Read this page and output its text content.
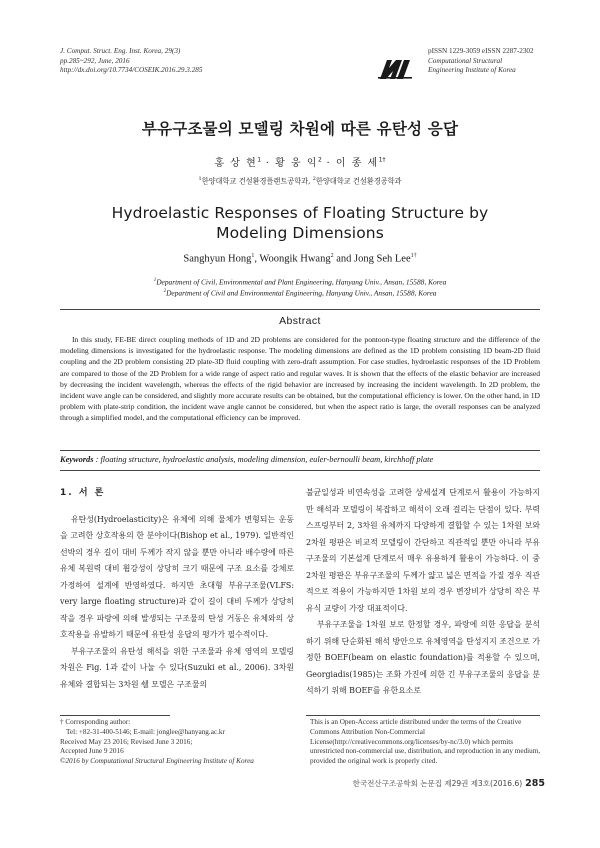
J. Comput. Struct. Eng. Inst. Korea, 29(3)
pp.285~292, June, 2016
http://dx.doi.org/10.7734/COSEIK.2016.29.3.285
pISSN 1229-3059 eISSN 2287-2302
Computational Structural
Engineering Institute of Korea
부유구조물의 모델링 차원에 따른 유탄성 응답
홍 상 현$^1$ · 황 웅 익$^2$ · 이 종 세$^{1\dagger}$
$^1$한양대학교 건설환경플랜트공학과, $^2$한양대학교 건설환경공학과
Hydroelastic Responses of Floating Structure by
Modeling Dimensions
Sanghyun Hong$^1$, Woongik Hwang$^2$ and Jong Seh Lee$^{1\dagger}$
$^1$Department of Civil, Environmental and Plant Engineering, Hanyang Univ., Ansan, 15588, Korea
$^2$Department of Civil and Environmental Engineering, Hanyang Univ., Ansan, 15588, Korea
Abstract
In this study, FE-BE direct coupling methods of 1D and 2D problems are considered for the pontoon-type floating structure and the difference of the modeling dimensions is investigated for the hydroelastic response. The modeling dimensions are defined as the 1D problem consisting 1D beam-2D fluid coupling and the 2D problem consisting 2D plate-3D fluid coupling with zero-draft assumption. For case studies, hydroelastic responses of the 1D Problem are compared to those of the 2D Problem for a wide range of aspect ratio and regular waves. It is shown that the effects of the elastic behavior are increased by decreasing the incident wavelength, whereas the effects of the rigid behavior are increased by increasing the incident wavelength. In 2D problem, the incident wave angle can be considered, and slightly more accurate results can be obtained, but the computational efficiency is lower. On the other hand, in 1D problem with plate-strip condition, the incident wave angle cannot be considered, but when the aspect ratio is large, the overall responses can be analyzed through a simplified model, and the computational efficiency can be improved.
Keywords : floating structure, hydroelastic analysis, modeling dimension, euler-bernoulli beam, kirchhoff plate
1. 서 론

유탄성(Hydroelasticity)은 유체에 의해 물체가 변형되는 운동을 고려한 상호작용의 한 분야이다(Bishop et al., 1979). 일반적인 선박의 경우 길이 대비 두께가 작지 않을 뿐만 아니라 배수량에 따른 유체 복원력 대비 휨강성이 상당히 크기 때문에 구조 요소를 강체로 가정하여 설계에 반영하였다. 하지만 초대형 부유구조물(VLFS: very large floating structure)과 같이 길이 대비 두께가 상당히 작을 경우 파랑에 의해 발생되는 구조물의 탄성 거동은 유체와의 상호작용을 유발하기 때문에 유탄성 응답의 평가가 필수적이다.

부유구조물의 유탄성 해석을 위한 구조물과 유체 영역의 모델링 차원은 Fig. 1과 같이 나눌 수 있다(Suzuki et al., 2006). 3차원 유체와 결합되는 3차원 쉘 모델은 구조물의

불균일성과 비연속성을 고려한 상세설계 단계로서 활용이 가능하지만 해석과 모델링이 복잡하고 해석이 오래 걸리는 단점이 있다. 부력 스프링부터 2, 3차원 유체까지 다양하게 결합할 수 있는 1차원 보와 2차원 평판은 비교적 모델링이 간단하고 직관적일 뿐만 아니라 부유구조물의 기본설계 단계로서 매우 유용하게 활용이 가능하다. 이 중 2차원 평판은 부유구조물의 두께가 얇고 넓은 면적을 가질 경우 직관적으로 적용이 가능하지만 1차원 보의 경우 변장비가 상당히 작은 부유식 교량이 가장 대표적이다.

부유구조물을 1차원 보로 한정할 경우, 파랑에 의한 응답을 분석하기 위해 단순화된 해석 방안으로 유체영역을 탄성지지 조건으로 가정한 BOEF(beam on elastic foundation)를 적용할 수 있으며, Georgiadis(1985)는 조화 가진에 의한 긴 부유구조물의 응답을 분석하기 위해 BOEF를 유한요소로

† Corresponding author:
Tel: +82-31-400-5146; E-mail: jonglee@hanyang.ac.kr
Received May 23 2016; Revised June 3 2016;
Accepted June 9 2016
©2016 by Computational Structural Engineering Institute of Korea
This is an Open-Access article distributed under the terms of the Creative Commons Attribution Non-Commercial License(http://creativecommons.org/licenses/by-nc/3.0) which permits unrestricted non-commercial use, distribution, and reproduction in any medium, provided the original work is properly cited.
한국전산구조공학회 논문집 제29권 제3호(2016.6) 285
